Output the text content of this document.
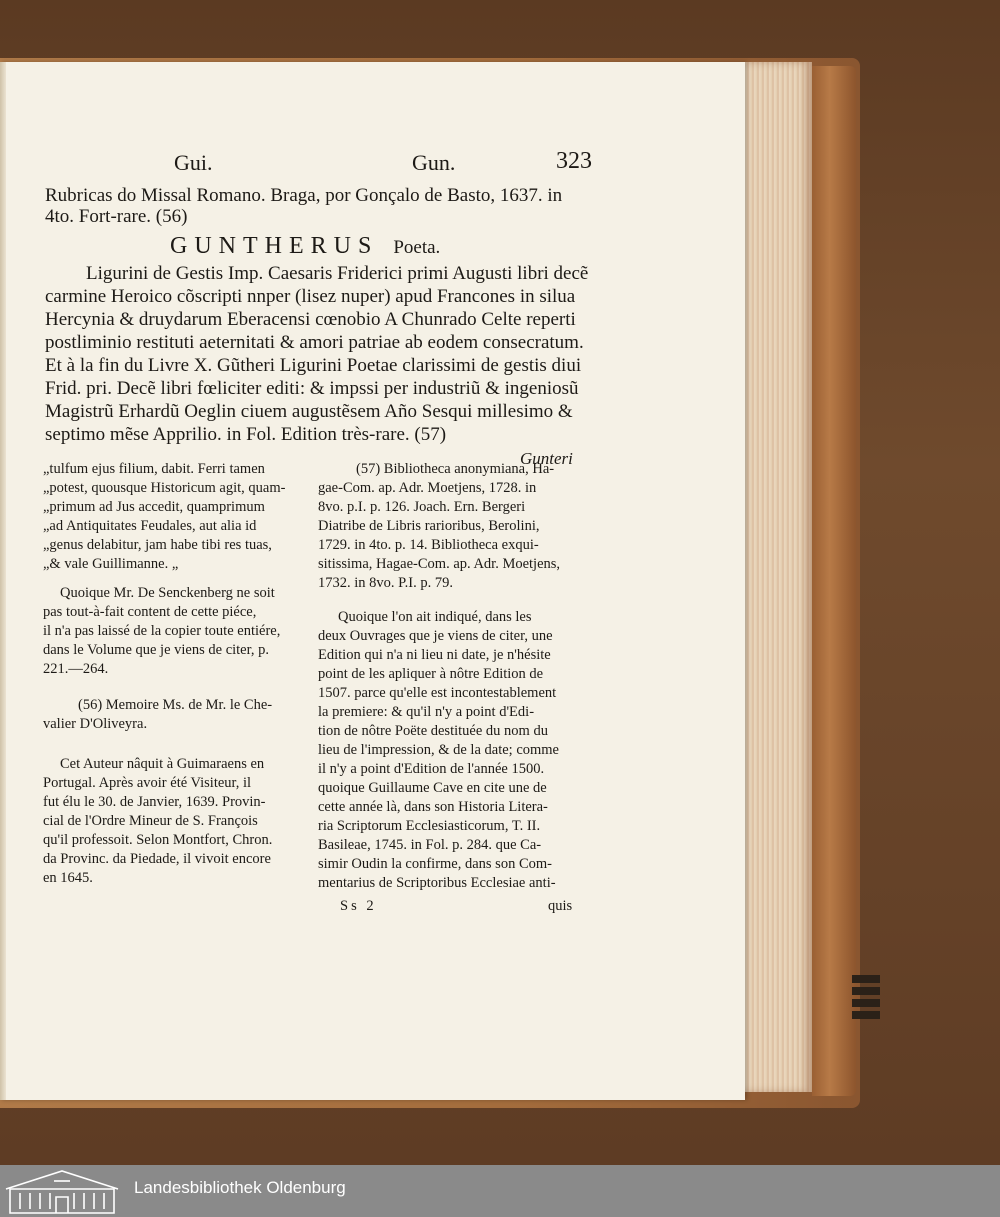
Gui.	Gun.	323
Rubricas do Missal Romano. Braga, por Gonçalo de Basto, 1637. in
4to. Fort-rare. (56)
GUNTHERUS Poeta.
Ligurini de Gestis Imp. Caesaris Friderici primi Augusti libri decẽ
carmine Heroico cõscripti nnper (lisez nuper) apud Francones in silua
Hercynia & druydarum Eberacensi cœnobio A Chunrado Celte reperti
postliminio restituti aeternitati & amori patriae ab eodem consecratum.
Et à la fin du Livre X. Gũtheri Ligurini Poetae clarissimi de gestis diui
Frid. pri. Decẽ libri fœliciter editi: & impssi per industriũ & ingeniosũ
Magistrũ Erhardũ Oeglin ciuem augustẽsem Año Sesqui millesimo &
septimo mẽse Apprilio. in Fol. Edition très-rare. (57)
Gunteri
„tulfum ejus filium, dabit. Ferri tamen
„potest, quousque Historicum agit, quam-
„primum ad Jus accedit, quamprimum
„ad Antiquitates Feudales, aut alia id
„genus delabitur, jam habe tibi res tuas,
„& vale Guillimanne. „
Quoique Mr. De Senckenberg ne soit
pas tout-à-fait content de cette piéce,
il n'a pas laissé de la copier toute entiére,
dans le Volume que je viens de citer, p.
221.—264.
(56) Memoire Ms. de Mr. le Che-
valier D'Oliveyra.
Cet Auteur nâquit à Guimaraens en
Portugal. Après avoir été Visiteur, il
fut élu le 30. de Janvier, 1639. Provin-
cial de l'Ordre Mineur de S. François
qu'il professoit. Selon Montfort, Chron.
da Provinc. da Piedade, il vivoit encore
en 1645.
(57) Bibliotheca anonymiana, Ha-
gae-Com. ap. Adr. Moetjens, 1728. in
8vo. p.I. p. 126. Joach. Ern. Bergeri
Diatribe de Libris rarioribus, Berolini,
1729. in 4to. p. 14. Bibliotheca exqui-
sitissima, Hagae-Com. ap. Adr. Moetjens,
1732. in 8vo. P.I. p. 79.
Quoique l'on ait indiqué, dans les
deux Ouvrages que je viens de citer, une
Edition qui n'a ni lieu ni date, je n'hésite
point de les apliquer à nôtre Edition de
1507. parce qu'elle est incontestablement
la premiere: & qu'il n'y a point d'Edi-
tion de nôtre Poëte destituée du nom du
lieu de l'impression, & de la date; comme
il n'y a point d'Edition de l'année 1500.
quoique Guillaume Cave en cite une de
cette année là, dans son Historia Litera-
ria Scriptorum Ecclesiasticorum, T. II.
Basileae, 1745. in Fol. p. 284. que Ca-
simir Oudin la confirme, dans son Com-
mentarius de Scriptoribus Ecclesiae anti-
Ss 2	quis
Landesbibliothek Oldenburg
